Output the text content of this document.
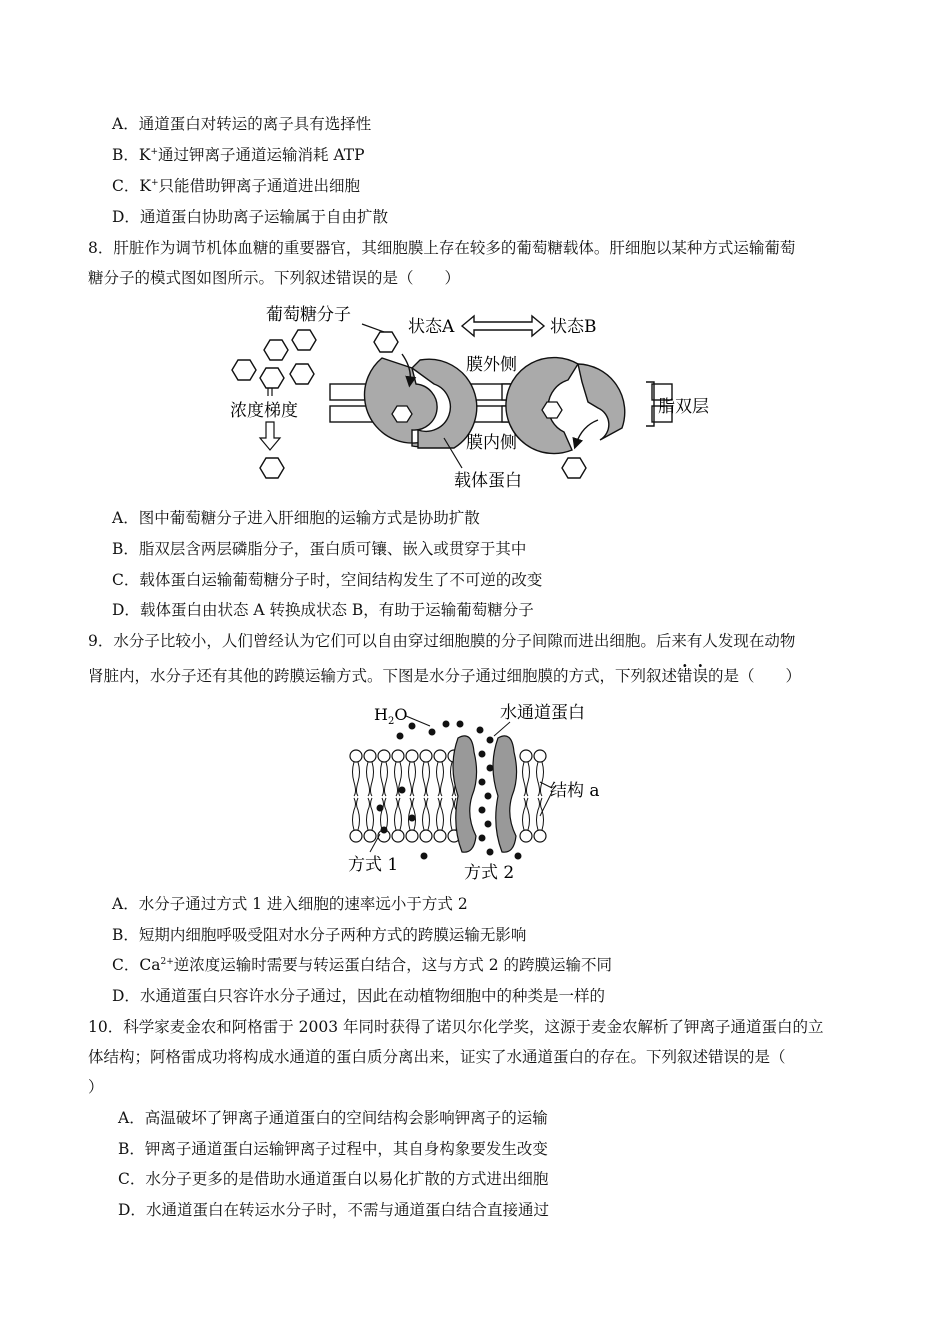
A．通道蛋白对转运的离子具有选择性
B．K+通过钾离子通道运输消耗 ATP
C．K+只能借助钾离子通道进出细胞
D．通道蛋白协助离子运输属于自由扩散
8．肝脏作为调节机体血糖的重要器官，其细胞膜上存在较多的葡萄糖载体。肝细胞以某种方式运输葡萄
糖分子的模式图如图所示。下列叙述错误的是（　　）
葡萄糖分子
浓度梯度
状态A	状态B
膜外侧
脂双层
膜内侧
载体蛋白
A．图中葡萄糖分子进入肝细胞的运输方式是协助扩散
B．脂双层含两层磷脂分子，蛋白质可镶、嵌入或贯穿于其中
C．载体蛋白运输葡萄糖分子时，空间结构发生了不可逆的改变
D．载体蛋白由状态 A 转换成状态 B，有助于运输葡萄糖分子
9．水分子比较小，人们曾经认为它们可以自由穿过细胞膜的分子间隙而进出细胞。后来有人发现在动物
肾脏内，水分子还有其他的跨膜运输方式。下图是水分子通过细胞膜的方式，下列叙述错误的是（　　）
$H_2O$	水通道蛋白
结构 a
方式 1	方式 2
A．水分子通过方式 1 进入细胞的速率远小于方式 2
B．短期内细胞呼吸受阻对水分子两种方式的跨膜运输无影响
C．$Ca^{2+}$逆浓度运输时需要与转运蛋白结合，这与方式 2 的跨膜运输不同
D．水通道蛋白只容许水分子通过，因此在动植物细胞中的种类是一样的
10．科学家麦金农和阿格雷于 2003 年同时获得了诺贝尔化学奖，这源于麦金农解析了钾离子通道蛋白的立
体结构；阿格雷成功将构成水通道的蛋白质分离出来，证实了水通道蛋白的存在。下列叙述错误的是（
）
A．高温破坏了钾离子通道蛋白的空间结构会影响钾离子的运输
B．钾离子通道蛋白运输钾离子过程中，其自身构象要发生改变
C．水分子更多的是借助水通道蛋白以易化扩散的方式进出细胞
D．水通道蛋白在转运水分子时，不需与通道蛋白结合直接通过
